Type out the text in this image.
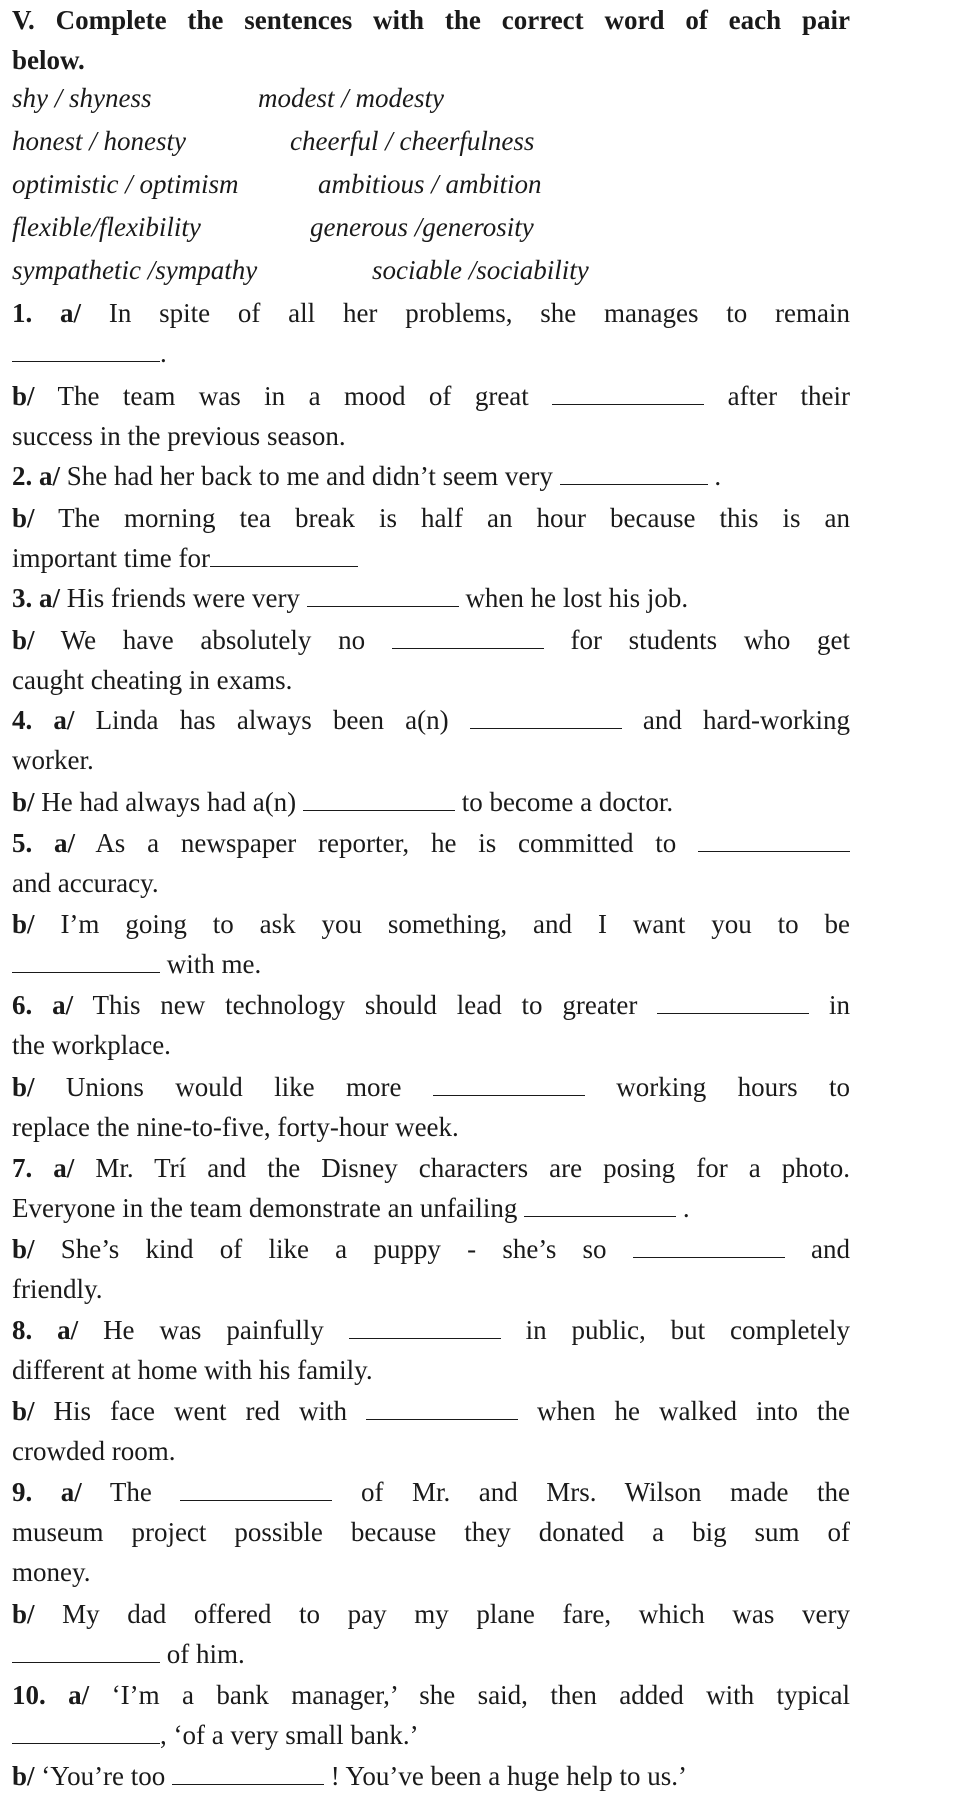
V. Complete the sentences with the correct word of each pair
below.
shy / shyness	modest / modesty
honest / honesty	cheerful / cheerfulness
optimistic / optimism	ambitious / ambition
flexible/flexibility	generous /generosity
sympathetic /sympathy	sociable /sociability
1. a/ In spite of all her problems, she manages to remain
.
b/ The team was in a mood of great	after their
success in the previous season.
2. a/ She had her back to me and didn’t seem very	.
b/ The morning tea break is half an hour because this is an
important time for
3. a/ His friends were very	when he lost his job.
b/ We have absolutely no	for students who get
caught cheating in exams.
4. a/ Linda has always been a(n)	and hard-working
worker.
b/ He had always had a(n)	to become a doctor.
5. a/ As a newspaper reporter, he is committed to
and accuracy.
b/ I’m going to ask you something, and I want you to be
with me.
6. a/ This new technology should lead to greater	in
the workplace.
b/ Unions would like more	working hours to
replace the nine-to-five, forty-hour week.
7. a/ Mr. Trí and the Disney characters are posing for a photo.
Everyone in the team demonstrate an unfailing	.
b/ She’s kind of like a puppy - she’s so	and
friendly.
8. a/ He was painfully	in public, but completely
different at home with his family.
b/ His face went red with	when he walked into the
crowded room.
9. a/ The	of Mr. and Mrs. Wilson made the
museum project possible because they donated a big sum of
money.
b/ My dad offered to pay my plane fare, which was very
of him.
10. a/ ‘I’m a bank manager,’ she said, then added with typical
, ‘of a very small bank.’
b/ ‘You’re too	! You’ve been a huge help to us.’
